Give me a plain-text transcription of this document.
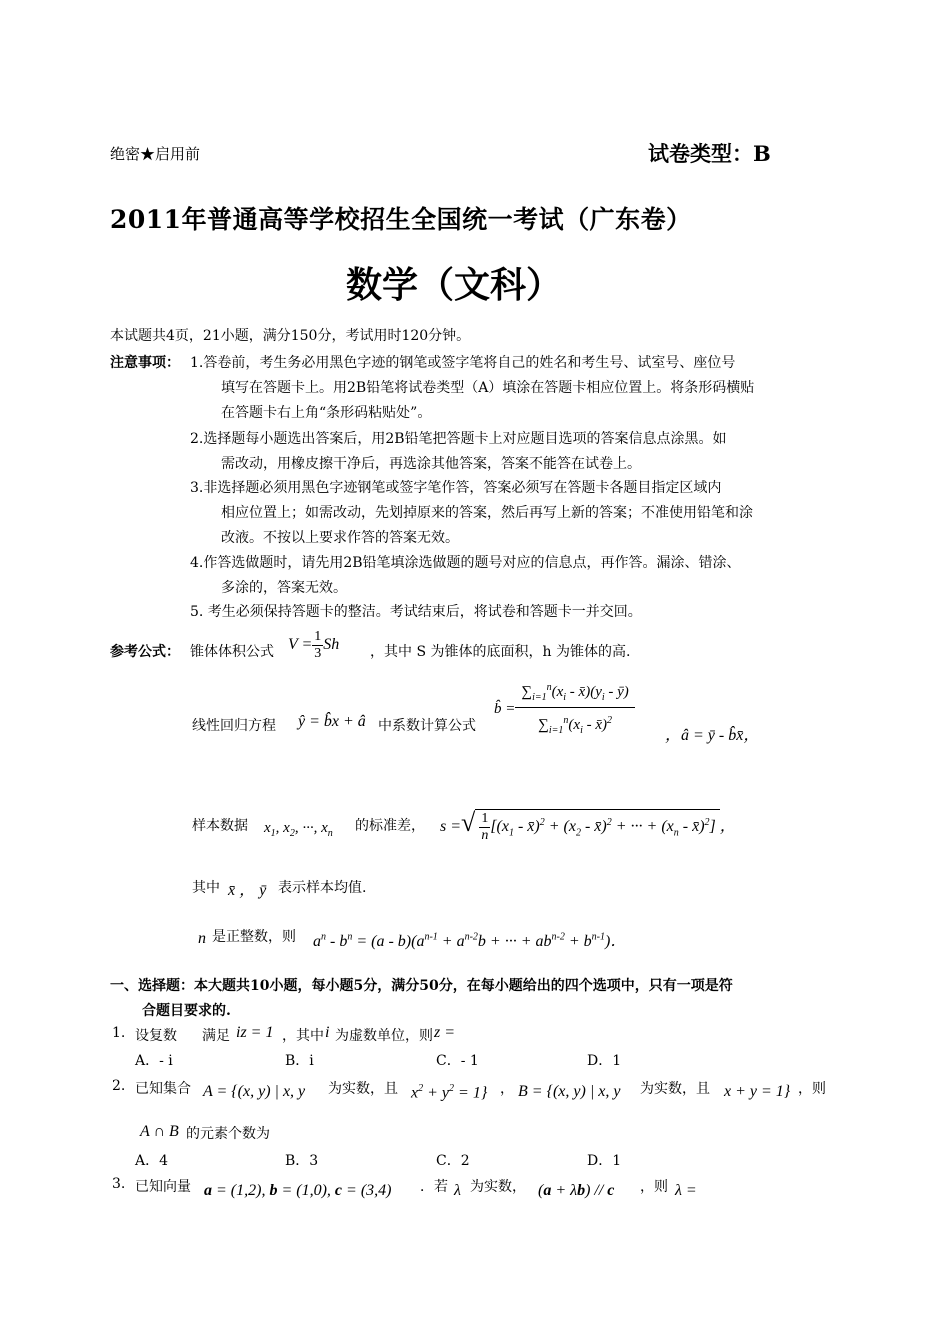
绝密★启用前	试卷类型：B
2011年普通高等学校招生全国统一考试（广东卷）
数学（文科）
本试题共4页，21小题，满分150分，考试用时120分钟。
注意事项： 1.答卷前，考生务必用黑色字迹的钢笔或签字笔将自己的姓名和考生号、试室号、座位号
填写在答题卡上。用2B铅笔将试卷类型（A）填涂在答题卡相应位置上。将条形码横贴
在答题卡右上角“条形码粘贴处”。
2.选择题每小题选出答案后，用2B铅笔把答题卡上对应题目选项的答案信息点涂黑。如
需改动，用橡皮擦干净后，再选涂其他答案，答案不能答在试卷上。
3.非选择题必须用黑色字迹钢笔或签字笔作答，答案必须写在答题卡各题目指定区域内
相应位置上；如需改动，先划掉原来的答案，然后再写上新的答案；不准使用铅笔和涂
改液。不按以上要求作答的答案无效。
4.作答选做题时，请先用2B铅笔填涂选做题的题号对应的信息点，再作答。漏涂、错涂、
多涂的，答案无效。
5. 考生必须保持答题卡的整洁。考试结束后，将试卷和答题卡一并交回。
参考公式： 锥体体积公式 $V = \frac{1}{3}$ Sh ，其中 S 为锥体的底面积，h 为锥体的高.
线性回归方程 ŷ = b̂x + â 中系数计算公式
b̂ = $\frac{\sum_{i=1}^n(x_i - x̄)(y_i - ȳ)}{\sum_{i=1}^n(x_i - x̄)^2}$ ，â = ȳ - b̂x̄，
样本数据 $x_1$, $x_2$, ···, $x_n$ 的标准差， s =√ $\frac{1}{n} [(x_1$ - x̄)$^2$ + ($x_2$ - x̄)$^2$ + ··· + ($x_n$ - x̄)$^2$] ，
其中 x̄ ， ȳ 表示样本均值.
n 是正整数，则 $a^n - b^n = (a - b)(a^{n-1} + a^{n-2}b$ + ··· + $ab^{n-2} + b^{n-1}$)．
一、选择题：本大题共10小题，每小题5分，满分50分，在每小题给出的四个选项中，只有一项是符
合题目要求的.
1. 设复数 满足 iz = 1 ，其中 i 为虚数单位，则 z =
A．- i	B．i	C．- 1	D．1
2. 已知集合 A = {(x, y) | x, y 为实数，且 $x^2 + y^2 = 1$} ， B = {(x, y) | x, y 为实数，且 x + y = 1} ，则
A ∩ B 的元素个数为
A．4	B．3	C．2	D．1
3. 已知向量 a = (1,2), b = (1,0), c = (3,4) ．若 λ 为实数， (a + λb) // c ，则 λ =
